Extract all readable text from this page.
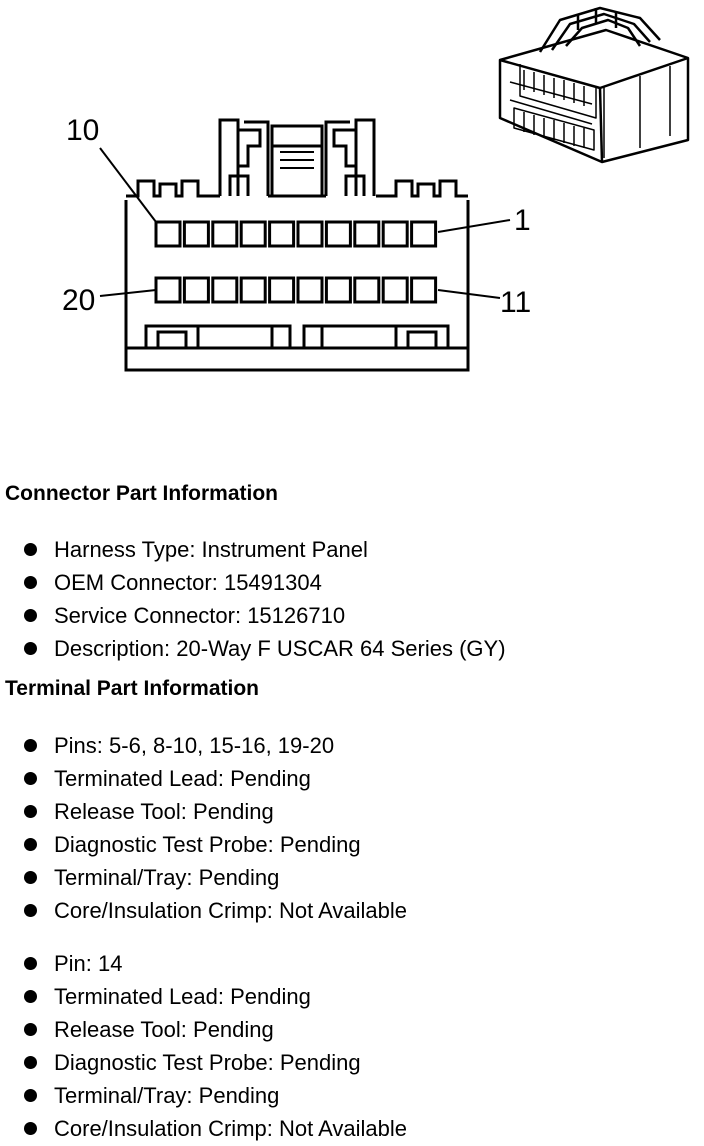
10
1
20	11
Connector Part Information
Harness Type: Instrument Panel
OEM Connector: 15491304
Service Connector: 15126710
Description: 20-Way F USCAR 64 Series (GY)
Terminal Part Information
Pins: 5-6, 8-10, 15-16, 19-20
Terminated Lead: Pending
Release Tool: Pending
Diagnostic Test Probe: Pending
Terminal/Tray: Pending
Core/Insulation Crimp: Not Available
Pin: 14
Terminated Lead: Pending
Release Tool: Pending
Diagnostic Test Probe: Pending
Terminal/Tray: Pending
Core/Insulation Crimp: Not Available
